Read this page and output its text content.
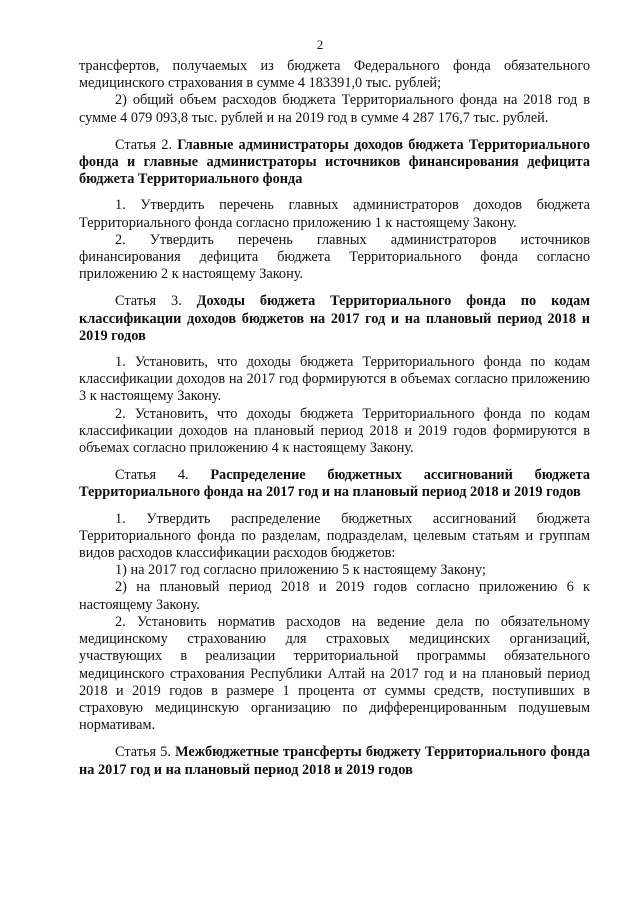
2

трансфертов, получаемых из бюджета Федерального фонда обязательного медицинского страхования в сумме 4 183391,0 тыс. рублей;

2) общий объем расходов бюджета Территориального фонда на 2018 год в сумме 4 079 093,8 тыс. рублей и на 2019 год в сумме 4 287 176,7 тыс. рублей.

Статья 2. Главные администраторы доходов бюджета Территориального фонда и главные администраторы источников финансирования дефицита бюджета Территориального фонда

1. Утвердить перечень главных администраторов доходов бюджета Территориального фонда согласно приложению 1 к настоящему Закону.

2. Утвердить перечень главных администраторов источников финансирования дефицита бюджета Территориального фонда согласно приложению 2 к настоящему Закону.

Статья 3. Доходы бюджета Территориального фонда по кодам классификации доходов бюджетов на 2017 год и на плановый период 2018 и 2019 годов

1. Установить, что доходы бюджета Территориального фонда по кодам классификации доходов на 2017 год формируются в объемах согласно приложению 3 к настоящему Закону.

2. Установить, что доходы бюджета Территориального фонда по кодам классификации доходов на плановый период 2018 и 2019 годов формируются в объемах согласно приложению 4 к настоящему Закону.

Статья 4. Распределение бюджетных ассигнований бюджета Территориального фонда на 2017 год и на плановый период 2018 и 2019 годов

1. Утвердить распределение бюджетных ассигнований бюджета Территориального фонда по разделам, подразделам, целевым статьям и группам видов расходов классификации расходов бюджетов:

1) на 2017 год согласно приложению 5 к настоящему Закону;

2) на плановый период 2018 и 2019 годов согласно приложению 6 к настоящему Закону.

2. Установить норматив расходов на ведение дела по обязательному медицинскому страхованию для страховых медицинских организаций, участвующих в реализации территориальной программы обязательного медицинского страхования Республики Алтай на 2017 год и на плановый период 2018 и 2019 годов в размере 1 процента от суммы средств, поступивших в страховую медицинскую организацию по дифференцированным подушевым нормативам.

Статья 5. Межбюджетные трансферты бюджету Территориального фонда на 2017 год и на плановый период 2018 и 2019 годов
